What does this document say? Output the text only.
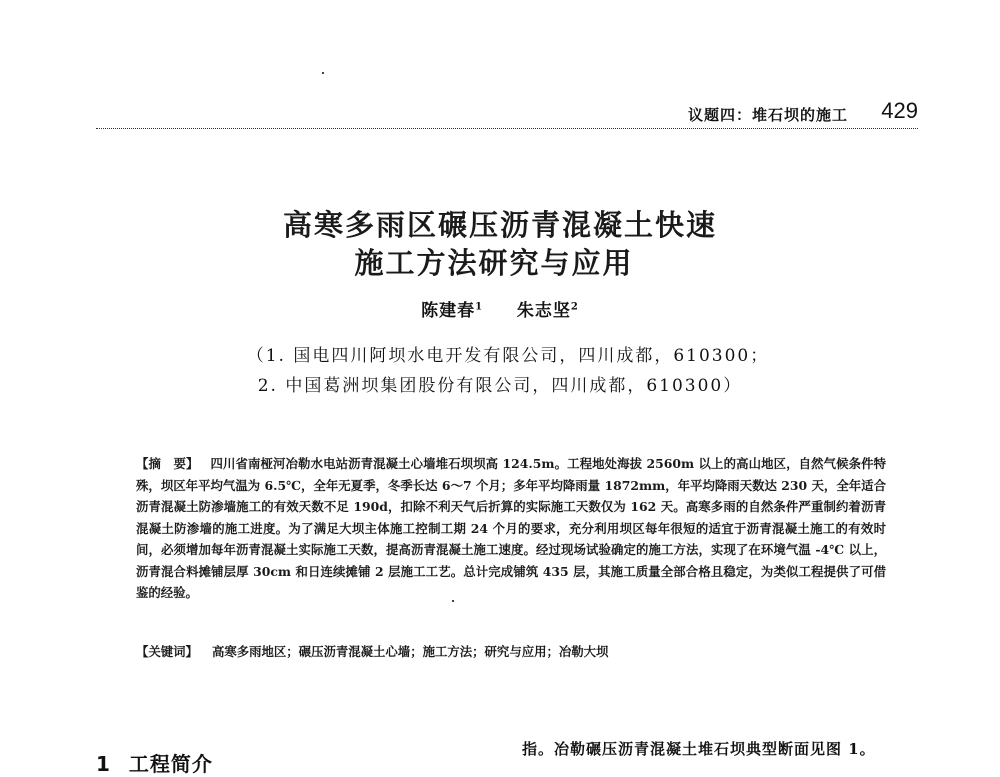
议题四：堆石坝的施工 429
高寒多雨区碾压沥青混凝土快速
施工方法研究与应用
陈建春$^1$ 朱志坚$^2$
（1. 国电四川阿坝水电开发有限公司，四川成都，610300；
2. 中国葛洲坝集团股份有限公司，四川成都，610300）
【摘　要】 四川省南桠河冶勒水电站沥青混凝土心墙堆石坝坝高 124.5m。工程地处海拔 2560m 以上的高山地区，自然气候条件特殊，坝区年平均气温为 6.5℃，全年无夏季，冬季长达 6～7 个月；多年平均降雨量 1872mm，年平均降雨天数达 230 天，全年适合沥青混凝土防渗墙施工的有效天数不足 190d，扣除不利天气后折算的实际施工天数仅为 162 天。高寒多雨的自然条件严重制约着沥青混凝土防渗墙的施工进度。为了满足大坝主体施工控制工期 24 个月的要求，充分利用坝区每年很短的适宜于沥青混凝土施工的有效时间，必须增加每年沥青混凝土实际施工天数，提高沥青混凝土施工速度。经过现场试验确定的施工方法，实现了在环境气温 -4℃ 以上，沥青混合料摊铺层厚 30cm 和日连续摊铺 2 层施工工艺。总计完成铺筑 435 层，其施工质量全部合格且稳定，为类似工程提供了可借鉴的经验。
【关键词】 高寒多雨地区；碾压沥青混凝土心墙；施工方法；研究与应用；冶勒大坝
1 工程简介
指。冶勒碾压沥青混凝土堆石坝典型断面见图 1。
